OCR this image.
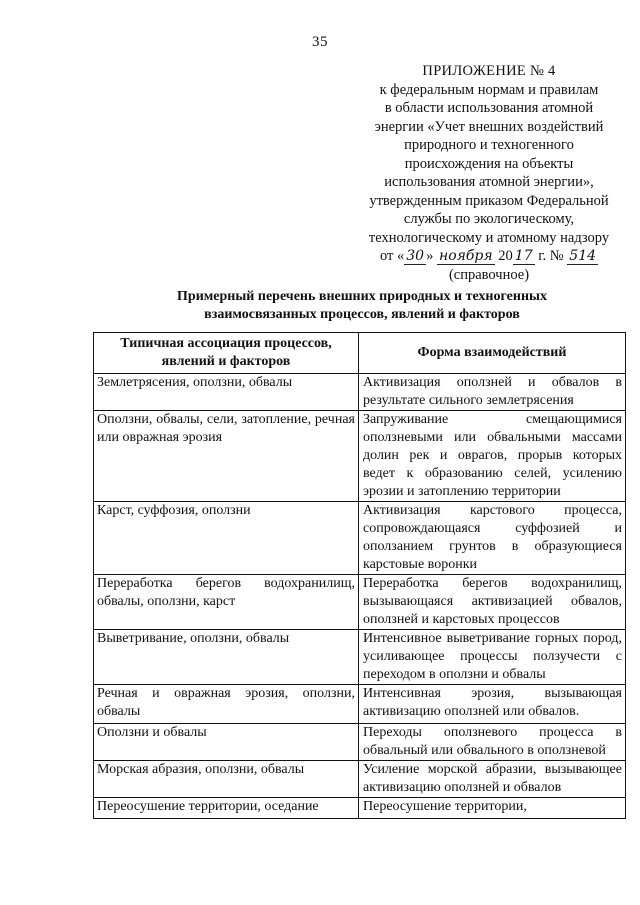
35
ПРИЛОЖЕНИЕ № 4
к федеральным нормам и правилам
в области использования атомной
энергии «Учет внешних воздействий
природного и техногенного
происхождения на объекты
использования атомной энергии»,
утвержденным приказом Федеральной
службы по экологическому,
технологическому и атомному надзору
от « 30 » ноября 20 17 г. № 514
(справочное)
Примерный перечень внешних природных и техногенных
взаимосвязанных процессов, явлений и факторов
Типичная ассоциация процессов, явлений и факторов	Форма взаимодействий
Землетрясения, оползни, обвалы	Активизация оползней и обвалов в результате сильного землетрясения
Оползни, обвалы, сели, затопление, речная или овражная эрозия	Запруживание смещающимися оползневыми или обвальными массами долин рек и оврагов, прорыв которых ведет к образованию селей, усилению эрозии и затоплению территории
Карст, суффозия, оползни	Активизация карстового процесса, сопровождающаяся суффозией и оползанием грунтов в образующиеся карстовые воронки
Переработка берегов водохранилищ, обвалы, оползни, карст	Переработка берегов водохранилищ, вызывающаяся активизацией обвалов, оползней и карстовых процессов
Выветривание, оползни, обвалы	Интенсивное выветривание горных пород, усиливающее процессы ползучести с переходом в оползни и обвалы
Речная и овражная эрозия, оползни, обвалы	Интенсивная эрозия, вызывающая активизацию оползней или обвалов.
Оползни и обвалы	Переходы оползневого процесса в обвальный или обвального в оползневой
Морская абразия, оползни, обвалы	Усиление морской абразии, вызывающее активизацию оползней и обвалов
Переосушение территории, оседание	Переосушение территории,
